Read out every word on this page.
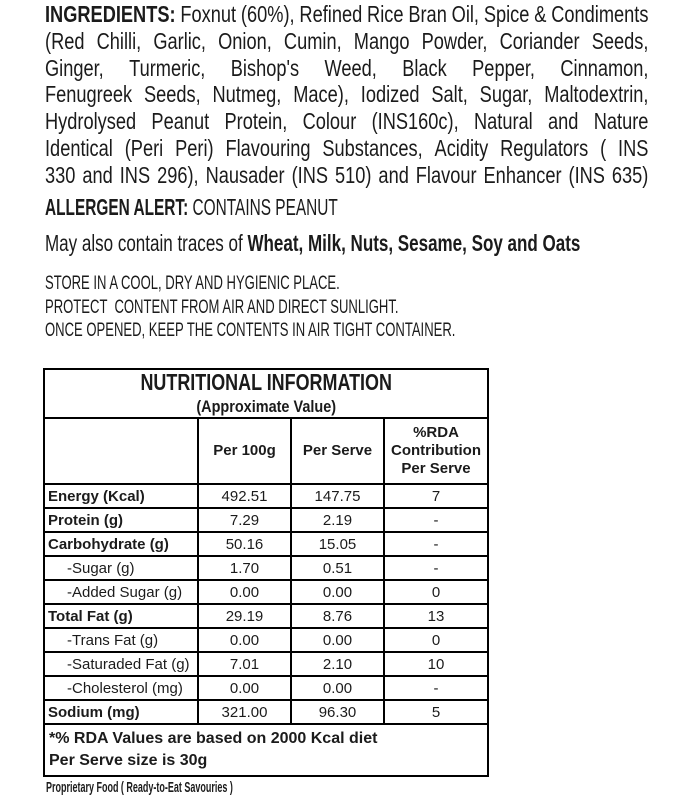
INGREDIENTS: Foxnut (60%), Refined Rice Bran Oil, Spice & Condiments
(Red Chilli, Garlic, Onion, Cumin, Mango Powder, Coriander Seeds,
Ginger, Turmeric, Bishop's Weed, Black Pepper, Cinnamon,
Fenugreek Seeds, Nutmeg, Mace), Iodized Salt, Sugar, Maltodextrin,
Hydrolysed Peanut Protein, Colour (INS160c), Natural and Nature
Identical (Peri Peri) Flavouring Substances, Acidity Regulators ( INS
330 and INS 296), Nausader (INS 510) and Flavour Enhancer (INS 635)
ALLERGEN ALERT: CONTAINS PEANUT
May also contain traces of Wheat, Milk, Nuts, Sesame, Soy and Oats
STORE IN A COOL, DRY AND HYGIENIC PLACE.
PROTECT  CONTENT FROM AIR AND DIRECT SUNLIGHT.
ONCE OPENED, KEEP THE CONTENTS IN AIR TIGHT CONTAINER.
NUTRITIONAL INFORMATION
(Approximate Value)			

	Per 100g	Per Serve	%RDA Contribution Per Serve
Energy (Kcal)	492.51	147.75	7
Protein (g)	7.29	2.19	-
Carbohydrate (g)	50.16	15.05	-
-Sugar (g)	1.70	0.51	-
-Added Sugar (g)	0.00	0.00	0
Total Fat (g)	29.19	8.76	13
-Trans Fat (g)	0.00	0.00	0
-Saturaded Fat (g)	7.01	2.10	10
-Cholesterol (mg)	0.00	0.00	-
Sodium (mg)	321.00	96.30	5

*% RDA Values are based on 2000 Kcal diet
Per Serve size is 30g			
Proprietary Food ( Ready-to-Eat Savouries )
